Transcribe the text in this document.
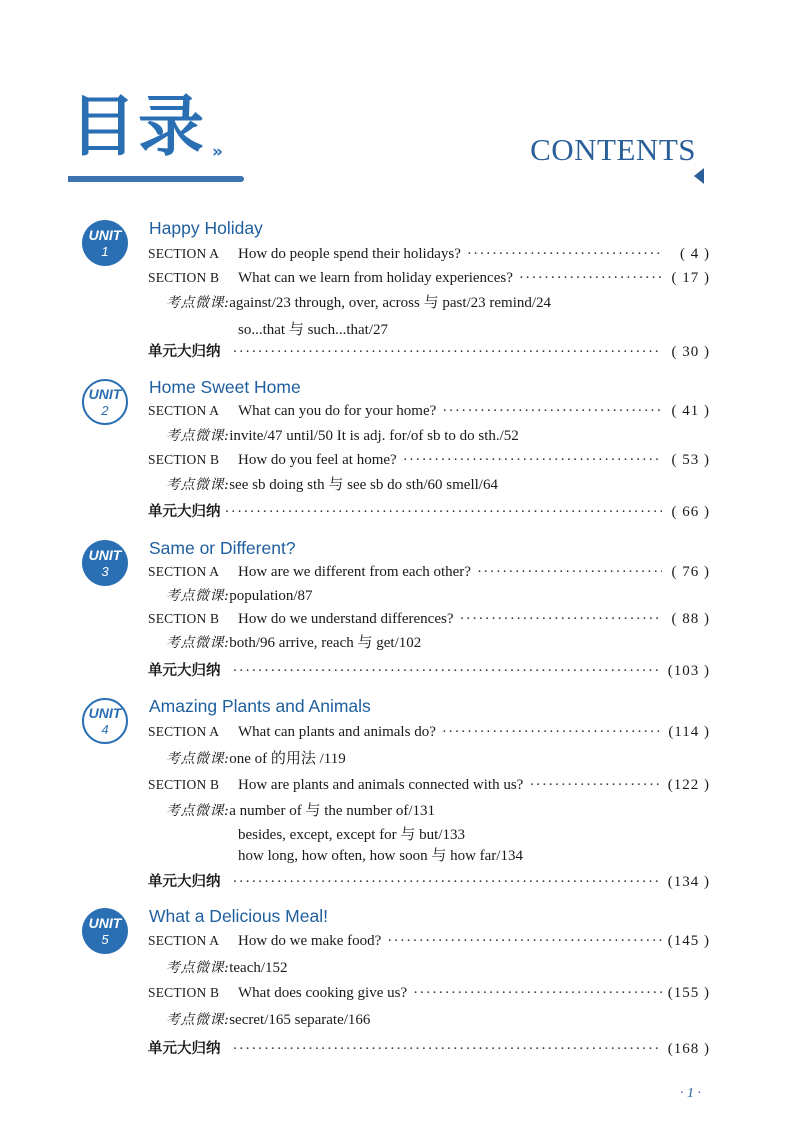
目录 »	CONTENTS
UNIT
1
Happy Holiday
SECTION A	How do people spend their holidays? ·····	( 4 )
SECTION B	What can we learn from holiday experiences? ·····	( 17 )
考点微课:against/23 through, over, across 与 past/23 remind/24
so...that 与 such...that/27
单元大归纳 ·····	( 30 )
UNIT
2
Home Sweet Home
SECTION A	What can you do for your home? ·····	( 41 )
考点微课:invite/47 until/50 It is adj. for/of sb to do sth./52
SECTION B	How do you feel at home? ·····	( 53 )
考点微课:see sb doing sth 与 see sb do sth/60 smell/64
单元大归纳 ·····	( 66 )
UNIT
3
Same or Different?
SECTION A	How are we different from each other? ·····	( 76 )
考点微课:population/87
SECTION B	How do we understand differences? ·····	( 88 )
考点微课:both/96 arrive, reach 与 get/102
单元大归纳 ·····	(103 )
UNIT
4
Amazing Plants and Animals
SECTION A	What can plants and animals do? ·····	(114 )
考点微课:one of 的用法 /119
SECTION B	How are plants and animals connected with us? ·····	(122 )
考点微课:a number of 与 the number of/131
besides, except, except for 与 but/133
how long, how often, how soon 与 how far/134
单元大归纳 ·····	(134 )
UNIT
5
What a Delicious Meal!
SECTION A	How do we make food? ·····	(145 )
考点微课:teach/152
SECTION B	What does cooking give us? ·····	(155 )
考点微课:secret/165 separate/166
单元大归纳 ·····	(168 )
· 1 ·
